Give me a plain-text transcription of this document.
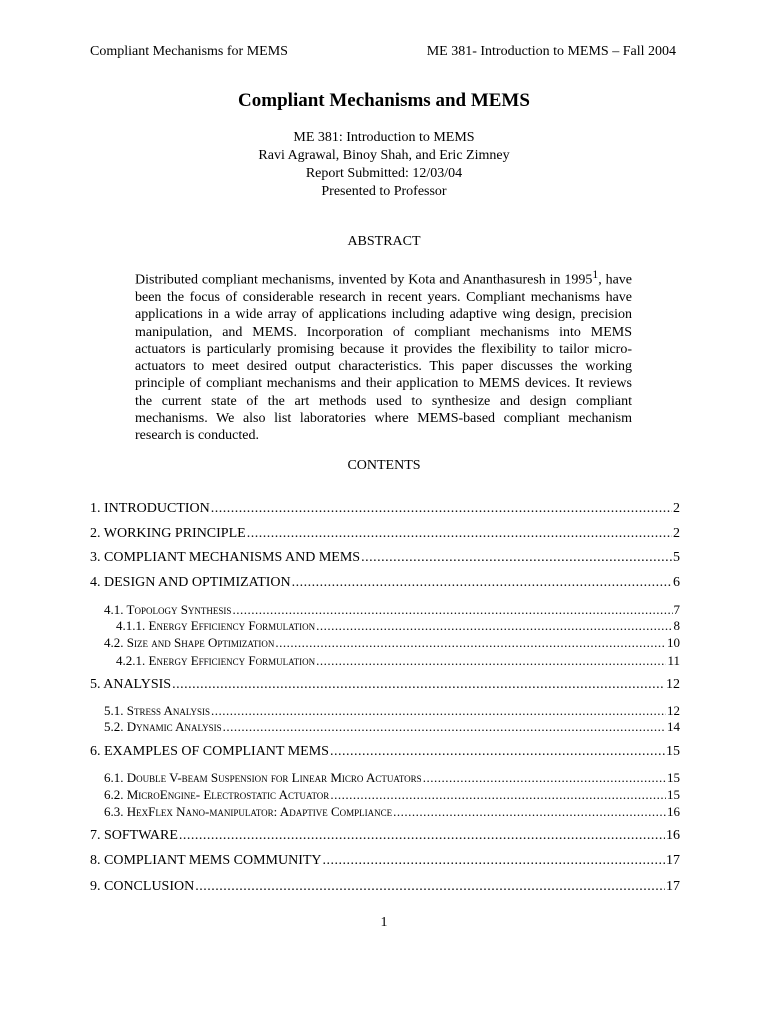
Compliant Mechanisms for MEMS	ME 381- Introduction to MEMS – Fall 2004
Compliant Mechanisms and MEMS
ME 381: Introduction to MEMS
Ravi Agrawal, Binoy Shah, and Eric Zimney
Report Submitted: 12/03/04
Presented to Professor
ABSTRACT

Distributed compliant mechanisms, invented by Kota and Ananthasuresh in 1995$^1$, have been the focus of considerable research in recent years. Compliant mechanisms have applications in a wide array of applications including adaptive wing design, precision manipulation, and MEMS. Incorporation of compliant mechanisms into MEMS actuators is particularly promising because it provides the flexibility to tailor micro-actuators to meet desired output characteristics. This paper discusses the working principle of compliant mechanisms and their application to MEMS devices. It reviews the current state of the art methods used to synthesize and design compliant mechanisms. We also list laboratories where MEMS-based compliant mechanism research is conducted.

CONTENTS
1. INTRODUCTION .....	2
2. WORKING PRINCIPLE .....	2
3. COMPLIANT MECHANISMS AND MEMS .....	5
4. DESIGN AND OPTIMIZATION .....	6
4.1. Topology Synthesis .....	7
4.1.1. Energy Efficiency Formulation .....	8
4.2. Size and Shape Optimization .....	10
4.2.1. Energy Efficiency Formulation .....	11
5. ANALYSIS .....	12
5.1. Stress Analysis .....	12
5.2. Dynamic Analysis .....	14
6. EXAMPLES OF COMPLIANT MEMS .....	15
6.1. Double V-beam Suspension for Linear Micro Actuators .....	15
6.2. MicroEngine- Electrostatic Actuator .....	15
6.3. HexFlex Nano-manipulator: Adaptive Compliance .....	16
7. SOFTWARE .....	16
8. COMPLIANT MEMS COMMUNITY .....	17
9. CONCLUSION .....	17
1
